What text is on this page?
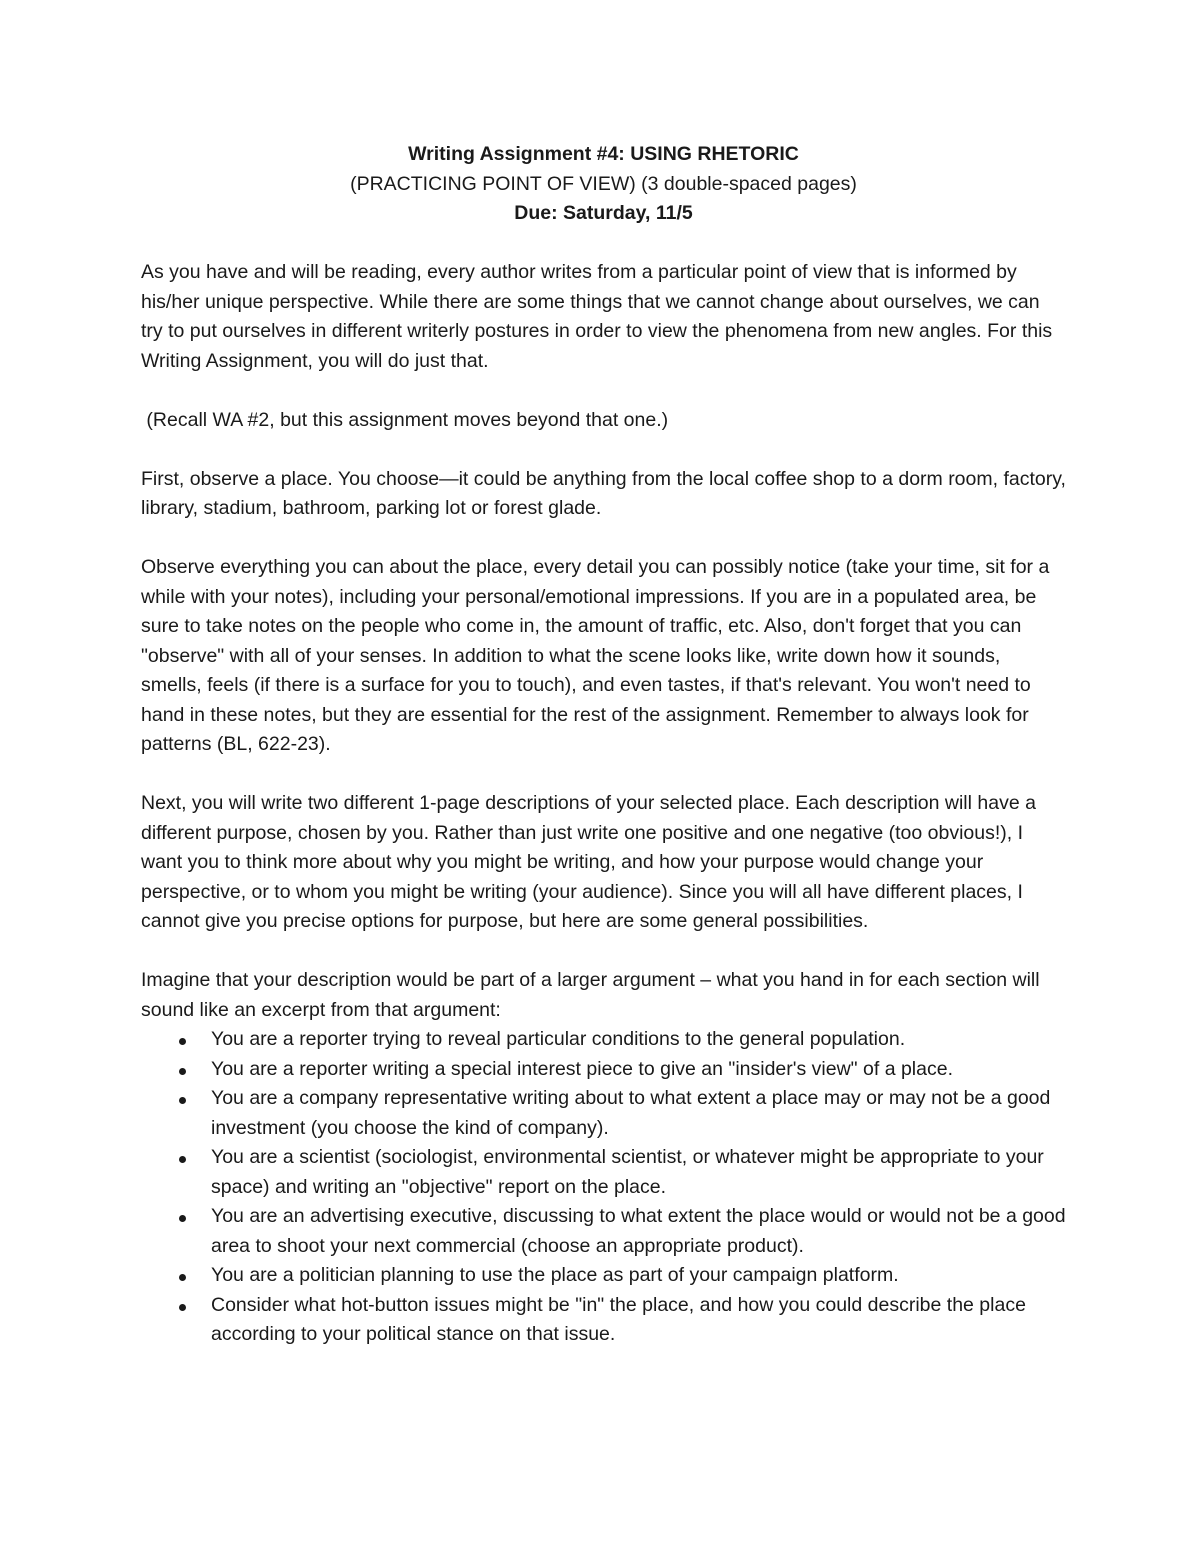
Writing Assignment #4: USING RHETORIC
(PRACTICING POINT OF VIEW) (3 double-spaced pages)
Due: Saturday, 11/5

As you have and will be reading, every author writes from a particular point of view that is informed by his/her unique perspective. While there are some things that we cannot change about ourselves, we can try to put ourselves in different writerly postures in order to view the phenomena from new angles. For this Writing Assignment, you will do just that.

(Recall WA #2, but this assignment moves beyond that one.)

First, observe a place. You choose—it could be anything from the local coffee shop to a dorm room, factory, library, stadium, bathroom, parking lot or forest glade.

Observe everything you can about the place, every detail you can possibly notice (take your time, sit for a while with your notes), including your personal/emotional impressions. If you are in a populated area, be sure to take notes on the people who come in, the amount of traffic, etc. Also, don't forget that you can "observe" with all of your senses. In addition to what the scene looks like, write down how it sounds, smells, feels (if there is a surface for you to touch), and even tastes, if that's relevant. You won't need to hand in these notes, but they are essential for the rest of the assignment. Remember to always look for patterns (BL, 622-23).

Next, you will write two different 1-page descriptions of your selected place. Each description will have a different purpose, chosen by you. Rather than just write one positive and one negative (too obvious!), I want you to think more about why you might be writing, and how your purpose would change your perspective, or to whom you might be writing (your audience). Since you will all have different places, I cannot give you precise options for purpose, but here are some general possibilities.

Imagine that your description would be part of a larger argument – what you hand in for each section will sound like an excerpt from that argument:

You are a reporter trying to reveal particular conditions to the general population.
You are a reporter writing a special interest piece to give an "insider's view" of a place.
You are a company representative writing about to what extent a place may or may not be a good investment (you choose the kind of company).
You are a scientist (sociologist, environmental scientist, or whatever might be appropriate to your space) and writing an "objective" report on the place.
You are an advertising executive, discussing to what extent the place would or would not be a good area to shoot your next commercial (choose an appropriate product).
You are a politician planning to use the place as part of your campaign platform.
Consider what hot-button issues might be "in" the place, and how you could describe the place according to your political stance on that issue.
